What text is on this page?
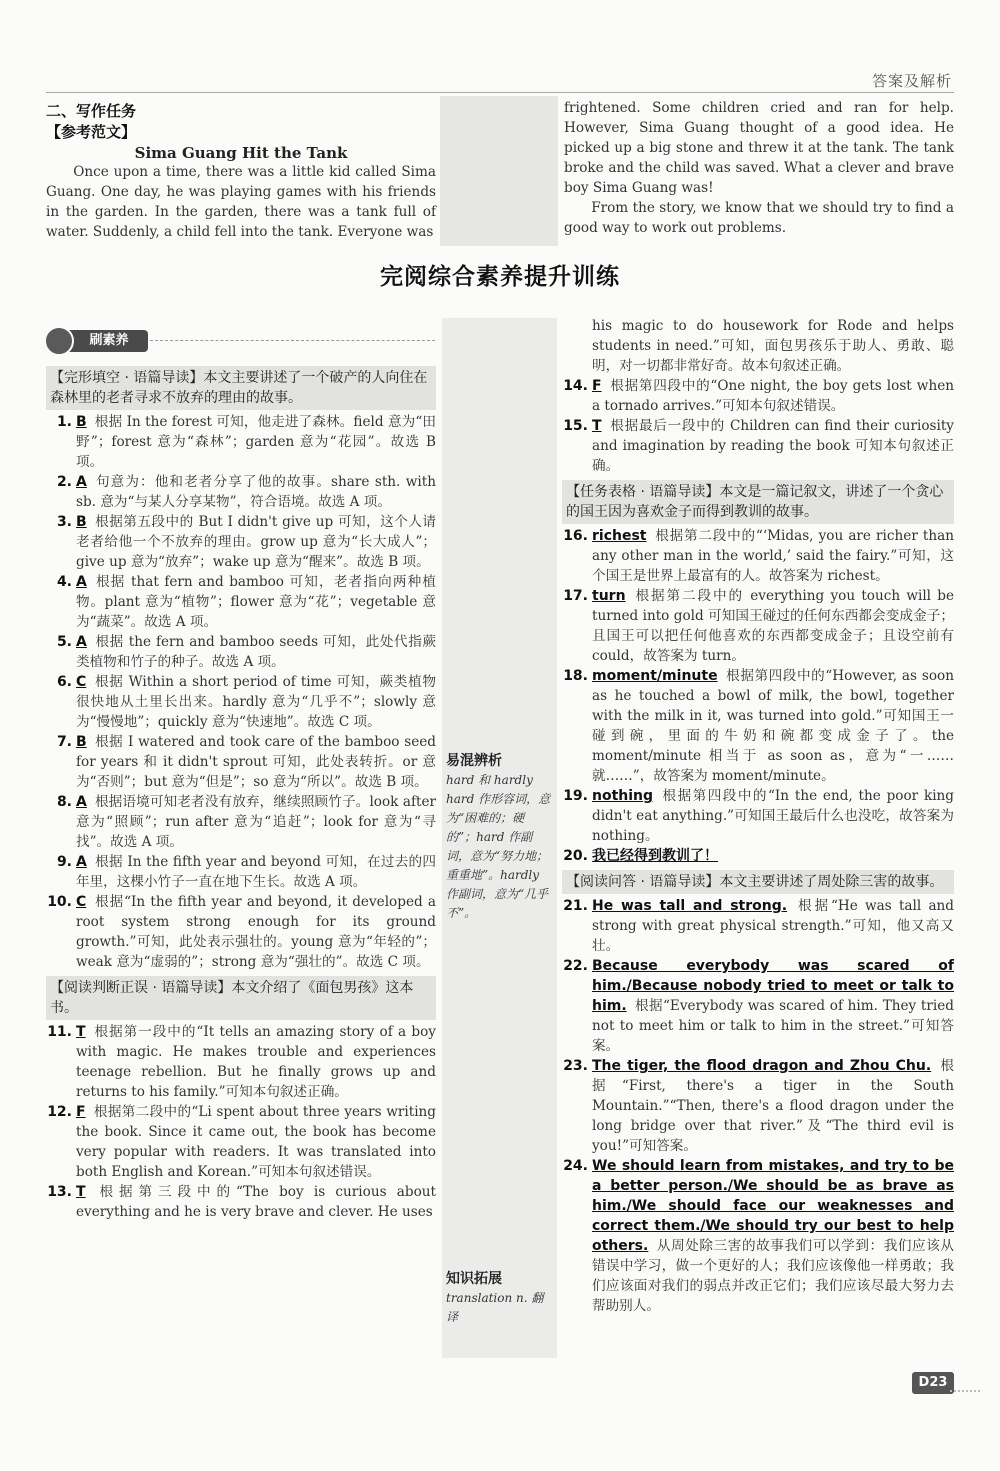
答案及解析
二、写作任务
【参考范文】
Sima Guang Hit the Tank

Once upon a time, there was a little kid called Sima Guang. One day, he was playing games with his friends in the garden. In the garden, there was a tank full of water. Suddenly, a child fell into the tank. Everyone was

frightened. Some children cried and ran for help. However, Sima Guang thought of a good idea. He picked up a big stone and threw it at the tank. The tank broke and the child was saved. What a clever and brave boy Sima Guang was!

From the story, we know that we should try to find a good way to work out problems.

完阅综合素养提升训练
刷素养
【完形填空 · 语篇导读】本文主要讲述了一个破产的人向住在森林里的老者寻求不放弃的理由的故事。
1. B 根据 In the forest 可知，他走进了森林。field 意为“田野”；forest 意为“森林”；garden 意为“花园”。故选 B 项。
2. A 句意为：他和老者分享了他的故事。share sth. with sb. 意为“与某人分享某物”，符合语境。故选 A 项。
3. B 根据第五段中的 But I didn't give up 可知，这个人请老者给他一个不放弃的理由。grow up 意为“长大成人”；give up 意为“放弃”；wake up 意为“醒来”。故选 B 项。
4. A 根据 that fern and bamboo 可知，老者指向两种植物。plant 意为“植物”；flower 意为“花”；vegetable 意为“蔬菜”。故选 A 项。
5. A 根据 the fern and bamboo seeds 可知，此处代指蕨类植物和竹子的种子。故选 A 项。
6. C 根据 Within a short period of time 可知，蕨类植物很快地从土里长出来。hardly 意为“几乎不”；slowly 意为“慢慢地”；quickly 意为“快速地”。故选 C 项。
7. B 根据 I watered and took care of the bamboo seed for years 和 it didn't sprout 可知，此处表转折。or 意为“否则”；but 意为“但是”；so 意为“所以”。故选 B 项。
8. A 根据语境可知老者没有放弃，继续照顾竹子。look after 意为“照顾”；run after 意为“追赶”；look for 意为“寻找”。故选 A 项。
9. A 根据 In the fifth year and beyond 可知，在过去的四年里，这棵小竹子一直在地下生长。故选 A 项。
10. C 根据“In the fifth year and beyond, it developed a root system strong enough for its ground growth.”可知，此处表示强壮的。young 意为“年轻的”；weak 意为“虚弱的”；strong 意为“强壮的”。故选 C 项。
【阅读判断正误 · 语篇导读】本文介绍了《面包男孩》这本书。
11. T 根据第一段中的“It tells an amazing story of a boy with magic. He makes trouble and experiences teenage rebellion. But he finally grows up and returns to his family.”可知本句叙述正确。
12. F 根据第二段中的“Li spent about three years writing the book. Since it came out, the book has become very popular with readers. It was translated into both English and Korean.”可知本句叙述错误。
13. T 根据第三段中的“The boy is curious about everything and he is very brave and clever. He uses
易混辨析
hard 和 hardly hard 作形容词，意为“困难的；硬的”；hard 作副词，意为“努力地；重重地”。hardly 作副词，意为“几乎不”。
知识拓展
translation n. 翻译
his magic to do housework for Rode and helps students in need.”可知，面包男孩乐于助人、勇敢、聪明，对一切都非常好奇。故本句叙述正确。
14. F 根据第四段中的“One night, the boy gets lost when a tornado arrives.”可知本句叙述错误。
15. T 根据最后一段中的 Children can find their curiosity and imagination by reading the book 可知本句叙述正确。
【任务表格 · 语篇导读】本文是一篇记叙文，讲述了一个贪心的国王因为喜欢金子而得到教训的故事。
16. richest 根据第二段中的“‘Midas, you are richer than any other man in the world,’ said the fairy.”可知，这个国王是世界上最富有的人。故答案为 richest。
17. turn 根据第二段中的 everything you touch will be turned into gold 可知国王碰过的任何东西都会变成金子；且国王可以把任何他喜欢的东西都变成金子；且设空前有 could，故答案为 turn。
18. moment/minute 根据第四段中的“However, as soon as he touched a bowl of milk, the bowl, together with the milk in it, was turned into gold.”可知国王一碰到碗，里面的牛奶和碗都变成金子了。the moment/minute 相当于 as soon as，意为“一……就……”，故答案为 moment/minute。
19. nothing 根据第四段中的“In the end, the poor king didn't eat anything.”可知国王最后什么也没吃，故答案为 nothing。
20. 我已经得到教训了！
【阅读问答 · 语篇导读】本文主要讲述了周处除三害的故事。
21. He was tall and strong. 根据“He was tall and strong with great physical strength.”可知，他又高又壮。
22. Because everybody was scared of him./Because nobody tried to meet or talk to him. 根据“Everybody was scared of him. They tried not to meet him or talk to him in the street.”可知答案。
23. The tiger, the flood dragon and Zhou Chu. 根据“First, there's a tiger in the South Mountain.”“Then, there's a flood dragon under the long bridge over that river.”及“The third evil is you!”可知答案。
24. We should learn from mistakes, and try to be a better person./We should be as brave as him./We should face our weaknesses and correct them./We should try our best to help others. 从周处除三害的故事我们可以学到：我们应该从错误中学习，做一个更好的人；我们应该像他一样勇敢；我们应该面对我们的弱点并改正它们；我们应该尽最大努力去帮助别人。
D23
